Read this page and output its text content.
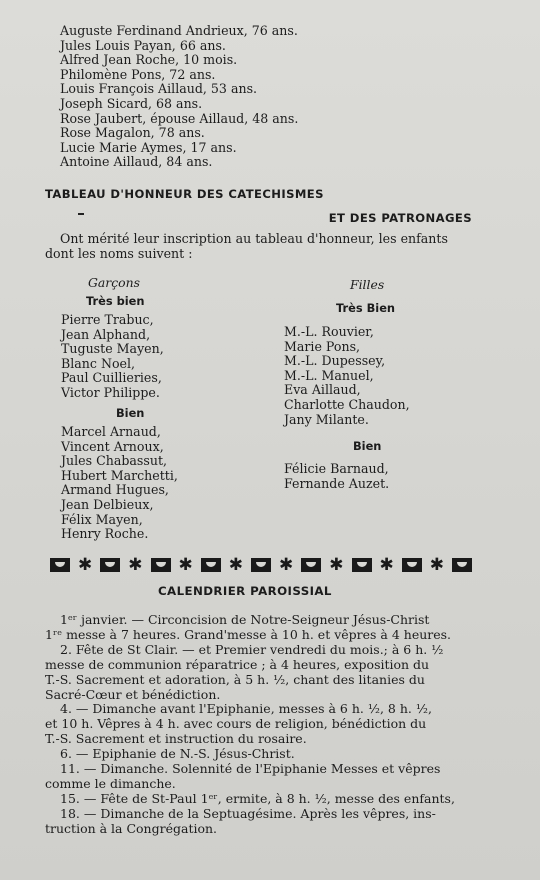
Auguste Ferdinand Andrieux, 76 ans.
Jules Louis Payan, 66 ans.
Alfred Jean Roche, 10 mois.
Philomène Pons, 72 ans.
Louis François Aillaud, 53 ans.
Joseph Sicard, 68 ans.
Rose Jaubert, épouse Aillaud, 48 ans.
Rose Magalon, 78 ans.
Lucie Marie Aymes, 17 ans.
Antoine Aillaud, 84 ans.
TABLEAU D'HONNEUR DES CATECHISMES
ET DES PATRONAGES
Ont mérité leur inscription au tableau d'honneur, les enfants
dont les noms suivent :
Garçons	Filles
Très bien
Pierre Trabuc,
Jean Alphand,
Tuguste Mayen,
Blanc Noel,
Paul Cuillieries,
Victor Philippe.
Bien
Marcel Arnaud,
Vincent Arnoux,
Jules Chabassut,
Hubert Marchetti,
Armand Hugues,
Jean Delbieux,
Félix Mayen,
Henry Roche.
Très Bien
M.-L. Rouvier,
Marie Pons,
M.-L. Dupessey,
M.-L. Manuel,
Eva Aillaud,
Charlotte Chaudon,
Jany Milante.
Bien
Félicie Barnaud,
Fernande Auzet.
✱ ✱ ✱ ✱ ✱ ✱ ✱ ✱
CALENDRIER PAROISSIAL
1ᵉʳ janvier. — Circoncision de Notre-Seigneur Jésus-Christ
1ʳᵉ messe à 7 heures. Grand'messe à 10 h. et vêpres à 4 heures.
2. Fête de St Clair. — et Premier vendredi du mois.; à 6 h. ½
messe de communion réparatrice ; à 4 heures, exposition du
T.-S. Sacrement et adoration, à 5 h. ½, chant des litanies du
Sacré-Cœur et bénédiction.
4. — Dimanche avant l'Epiphanie, messes à 6 h. ½, 8 h. ½,
et 10 h. Vêpres à 4 h. avec cours de religion, bénédiction du
T.-S. Sacrement et instruction du rosaire.
6. — Epiphanie de N.-S. Jésus-Christ.
11. — Dimanche. Solennité de l'Epiphanie Messes et vêpres
comme le dimanche.
15. — Fête de St-Paul 1ᵉʳ, ermite, à 8 h. ½, messe des enfants,
18. — Dimanche de la Septuagésime. Après les vêpres, ins-
truction à la Congrégation.
